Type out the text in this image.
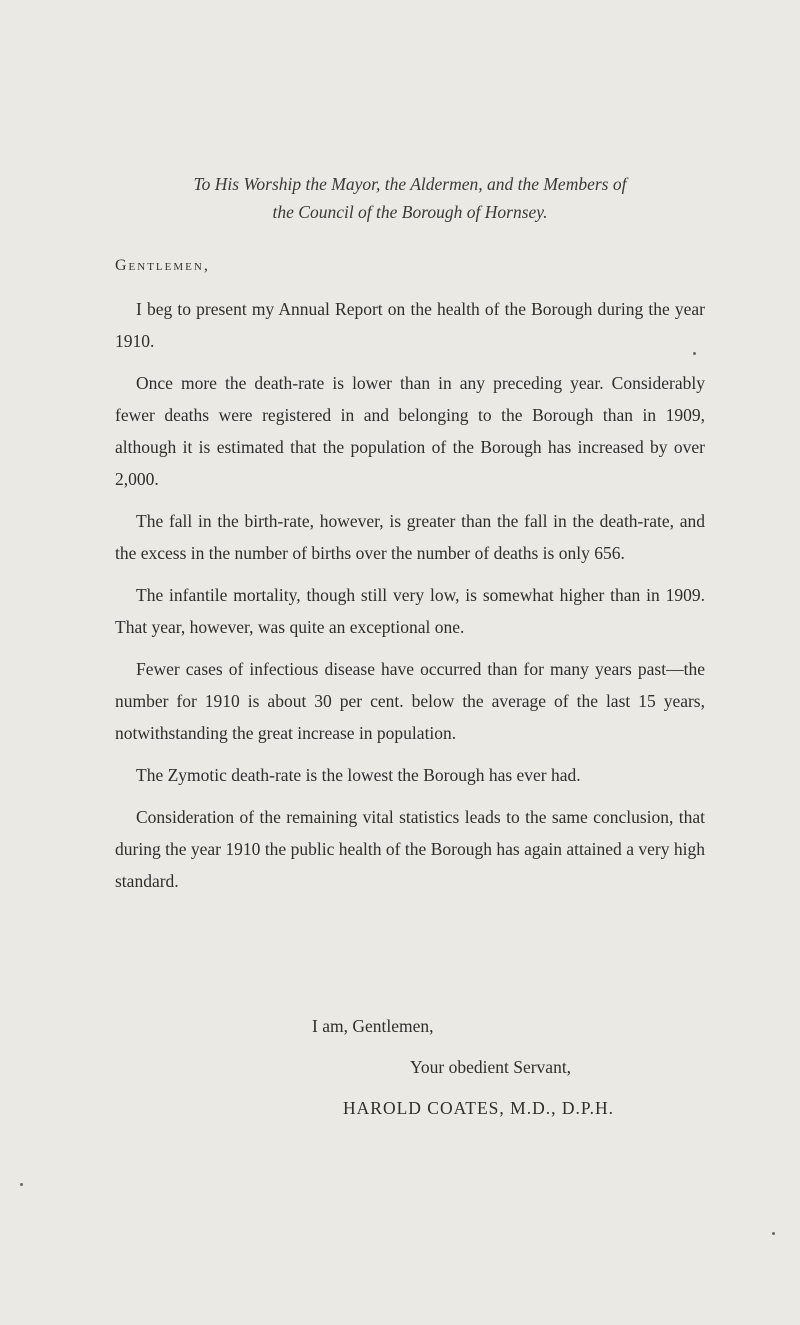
To His Worship the Mayor, the Aldermen, and the Members of
the Council of the Borough of Hornsey.
Gentlemen,

I beg to present my Annual Report on the health of the Borough during the year 1910.

Once more the death-rate is lower than in any preceding year. Considerably fewer deaths were registered in and belonging to the Borough than in 1909, although it is estimated that the population of the Borough has increased by over 2,000.

The fall in the birth-rate, however, is greater than the fall in the death-rate, and the excess in the number of births over the number of deaths is only 656.

The infantile mortality, though still very low, is somewhat higher than in 1909. That year, however, was quite an exceptional one.

Fewer cases of infectious disease have occurred than for many years past—the number for 1910 is about 30 per cent. below the average of the last 15 years, notwithstanding the great increase in population.

The Zymotic death-rate is the lowest the Borough has ever had.

Consideration of the remaining vital statistics leads to the same conclusion, that during the year 1910 the public health of the Borough has again attained a very high standard.

I am, Gentlemen,
Your obedient Servant,
HAROLD COATES, M.D., D.P.H.
